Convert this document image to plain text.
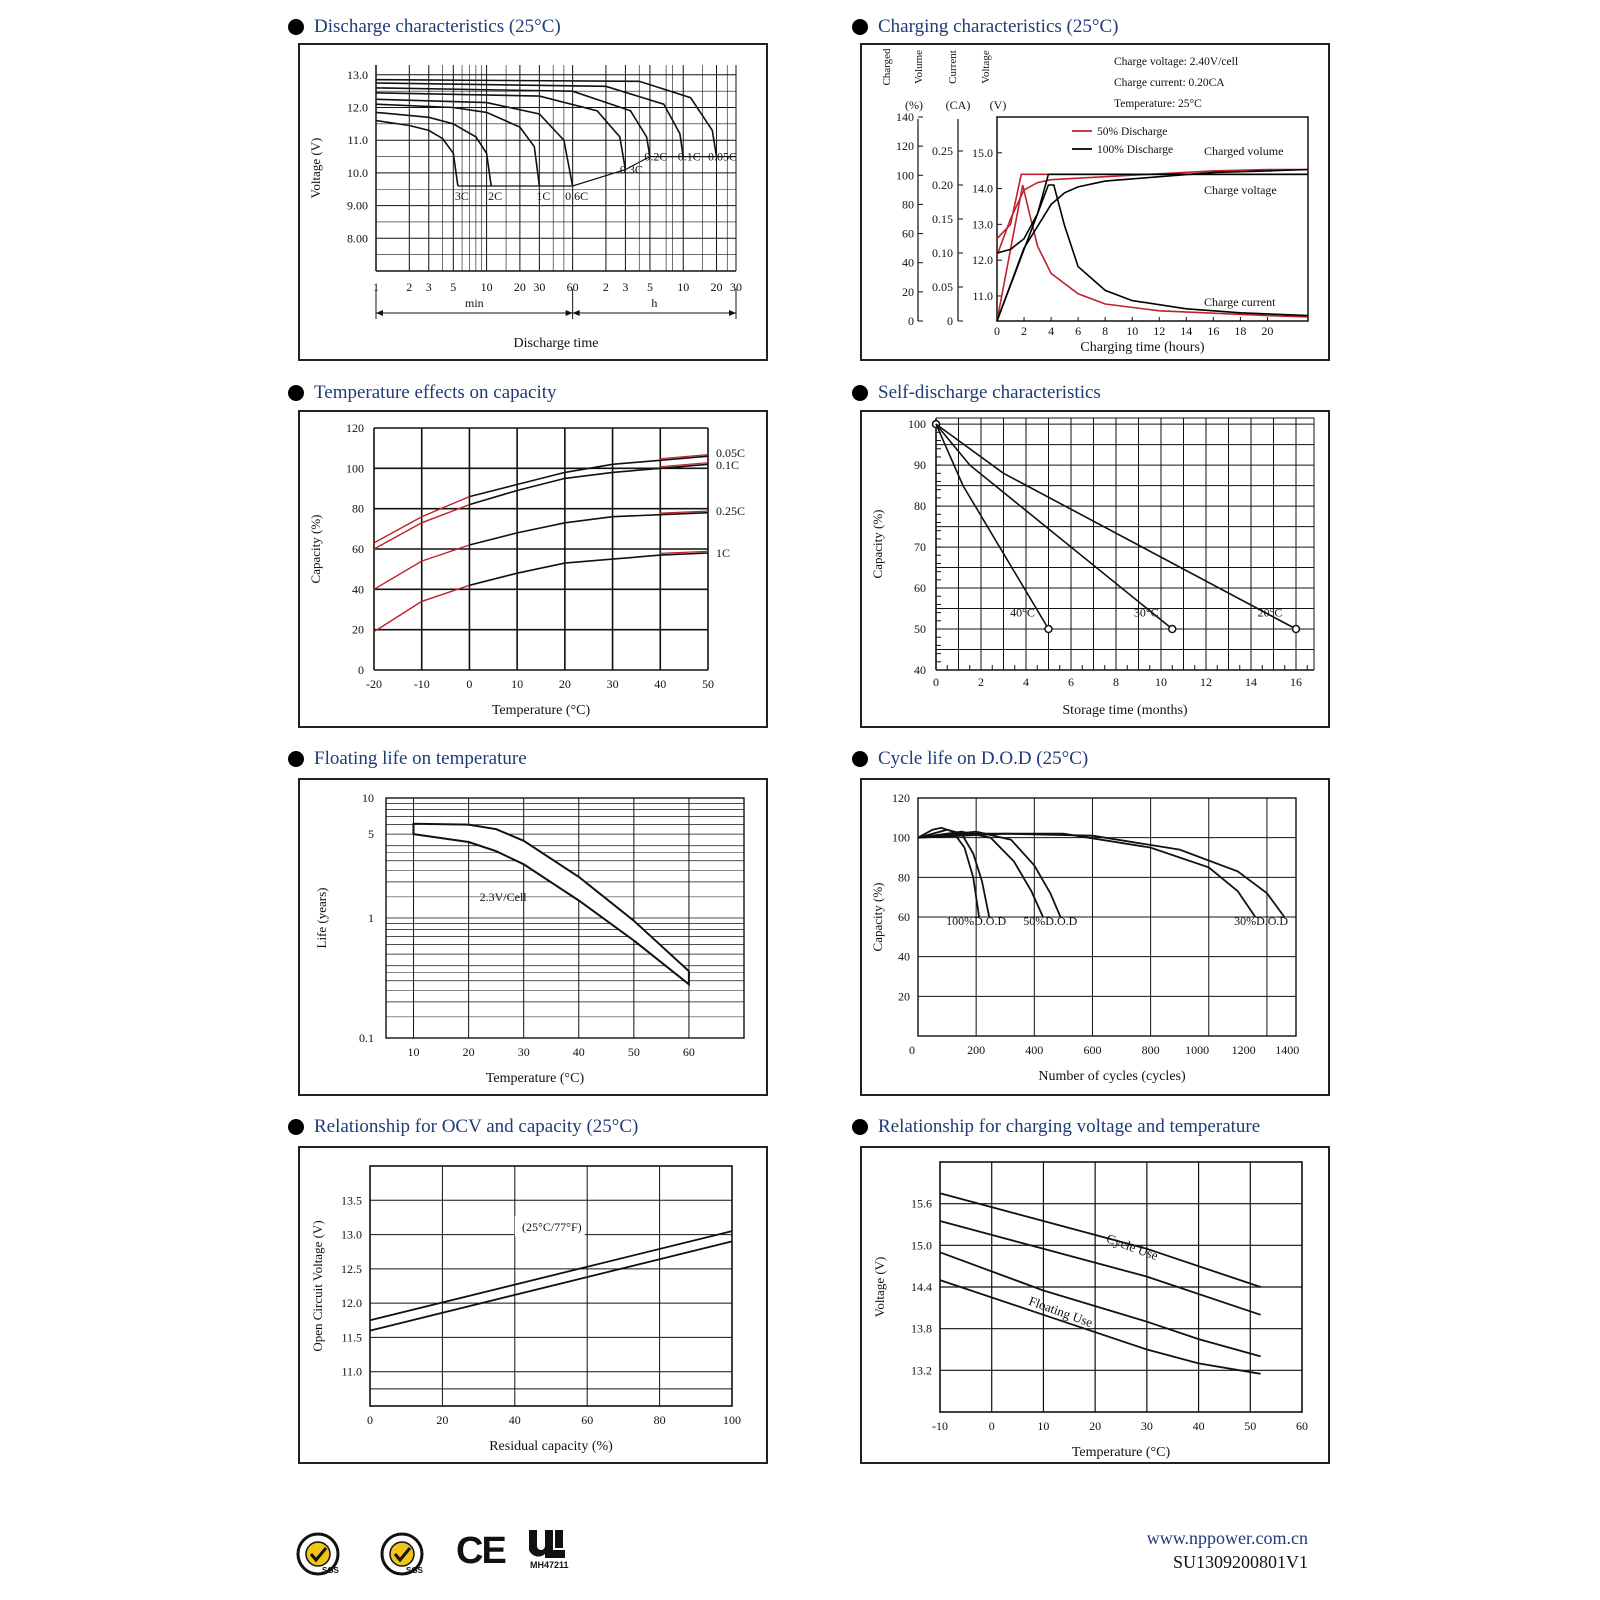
Discharge characteristics (25°C)	Charging characteristics (25°C)
Temperature effects on capacity	Self-discharge characteristics
Floating life on temperature	Cycle life on D.O.D (25°C)
Relationship for OCV and capacity (25°C)	Relationship for charging voltage and temperature
1 2 3 5 10 20 30 60 2 3 5 10 20 30
13.0
12.0
11.0
10.0
9.00
8.00
Voltage (V)
min	h
Discharge time
3C 2C	1C 0.6C
0.3C
0.2C 0.1C 0.05C
Charged Volume Current Voltage
(%) (CA) (V)
140
120
100
80
60
40
20
0
0.25
0.20
0.15
0.10
0.05
0
15.0
14.0
13.0
12.0
11.0
0 2 4 6 8 10 12 14 16 18 20
Charging time (hours)
Charge voltage: 2.40V/cell
Charge current: 0.20CA
Temperature: 25°C
50% Discharge
100% Discharge	Charged volume
Charge voltage
Charge current
-20	-10	0	10	20	30	40	50
120
100
80
60
40
20
0
Capacity (%)
Temperature (°C)
0.05C
0.1C
0.25C
1C
0	2	4	6	8	10	12	14	16
100
90
80
70
60
50
40
Capacity (%)
Storage time (months)
40°C	30°C	20°C
10	20	30	40	50	60
10
5
1
0.1
Life (years)
Temperature (°C)
2.3V/Cell
0	200	400	600	800 1000 1200 1400
120
100
80
60
40
20
Capacity (%)
Number of cycles (cycles)
100%D.O.D 50%D.O.D	30%D.O.D
0	20	40	60	80	100
13.5
13.0
12.5
12.0
11.5
11.0
Open Circuit Voltage (V)
Residual capacity (%)
(25°C/77°F)
-10	0	10	20	30	40	50	60
15.6
15.0
14.4
13.8
13.2
Voltage (V)
Temperature (°C)
Cycle Use
Floating Use
SGS	SGS CE	MH47211
www.nppower.com.cn
SU1309200801V1
